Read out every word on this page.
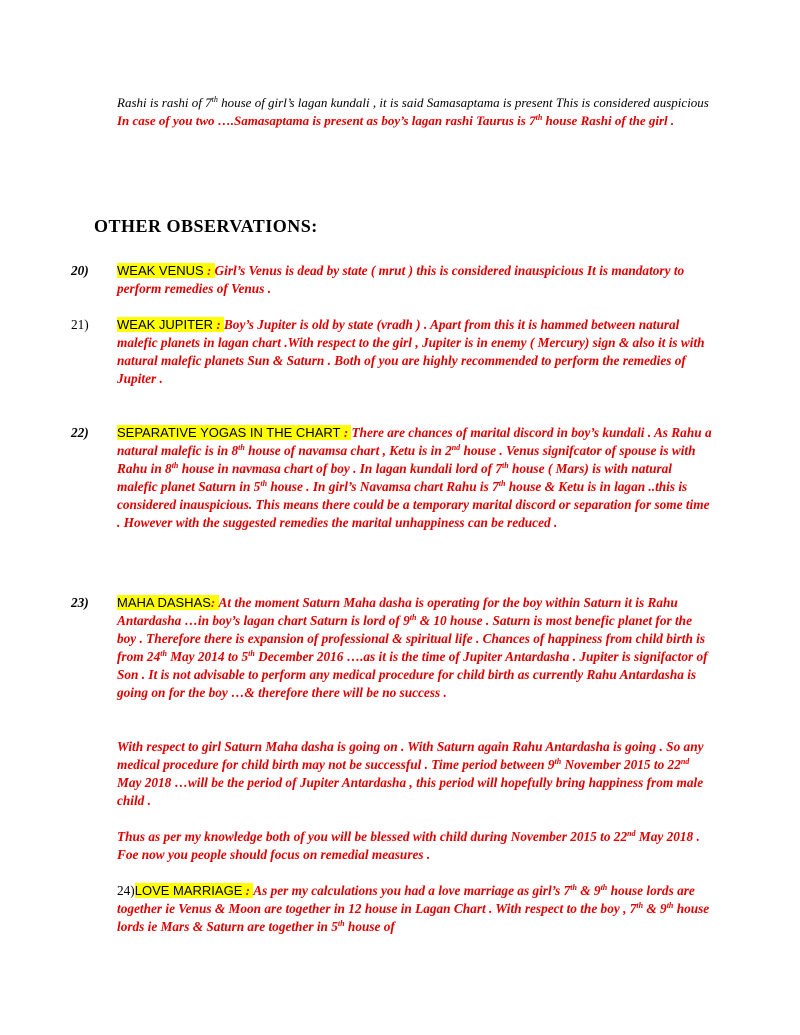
Rashi is rashi of 7th house of girl’s lagan kundali , it is said Samasaptama is present This is considered auspicious
In case of you two ….Samasaptama is present as boy’s lagan rashi Taurus is 7th house Rashi of the girl .
OTHER OBSERVATIONS:
20) WEAK VENUS : Girl’s Venus is dead by state ( mrut ) this is considered inauspicious It is mandatory to perform remedies of Venus .
21) WEAK JUPITER : Boy’s Jupiter is old by state (vradh ) . Apart from this it is hammed between natural malefic planets in lagan chart .With respect to the girl , Jupiter is in enemy ( Mercury) sign & also it is with natural malefic planets Sun & Saturn . Both of you are highly recommended to perform the remedies of Jupiter .
22) SEPARATIVE YOGAS IN THE CHART : There are chances of marital discord in boy’s kundali . As Rahu a natural malefic is in 8th house of navamsa chart , Ketu is in 2nd house . Venus signifcator of spouse is with Rahu in 8th house in navmasa chart of boy . In lagan kundali lord of 7th house ( Mars) is with natural malefic planet Saturn in 5th house . In girl’s Navamsa chart Rahu is 7th house & Ketu is in lagan ..this is considered inauspicious. This means there could be a temporary marital discord or separation for some time . However with the suggested remedies the marital unhappiness can be reduced .
23) MAHA DASHAS: At the moment Saturn Maha dasha is operating for the boy within Saturn it is Rahu Antardasha …in boy’s lagan chart Saturn is lord of 9th & 10 house . Saturn is most benefic planet for the boy . Therefore there is expansion of professional & spiritual life . Chances of happiness from child birth is from 24th May 2014 to 5th December 2016 ….as it is the time of Jupiter Antardasha . Jupiter is signifactor of Son . It is not advisable to perform any medical procedure for child birth as currently Rahu Antardasha is going on for the boy …& therefore there will be no success .
With respect to girl Saturn Maha dasha is going on . With Saturn again Rahu Antardasha is going . So any medical procedure for child birth may not be successful . Time period between 9th November 2015 to 22nd May 2018 …will be the period of Jupiter Antardasha , this period will hopefully bring happiness from male child .
Thus as per my knowledge both of you will be blessed with child during November 2015 to 22nd May 2018 . Foe now you people should focus on remedial measures .
24)LOVE MARRIAGE : As per my calculations you had a love marriage as girl’s 7th & 9th house lords are together ie Venus & Moon are together in 12 house in Lagan Chart . With respect to the boy , 7th & 9th house lords ie Mars & Saturn are together in 5th house of
